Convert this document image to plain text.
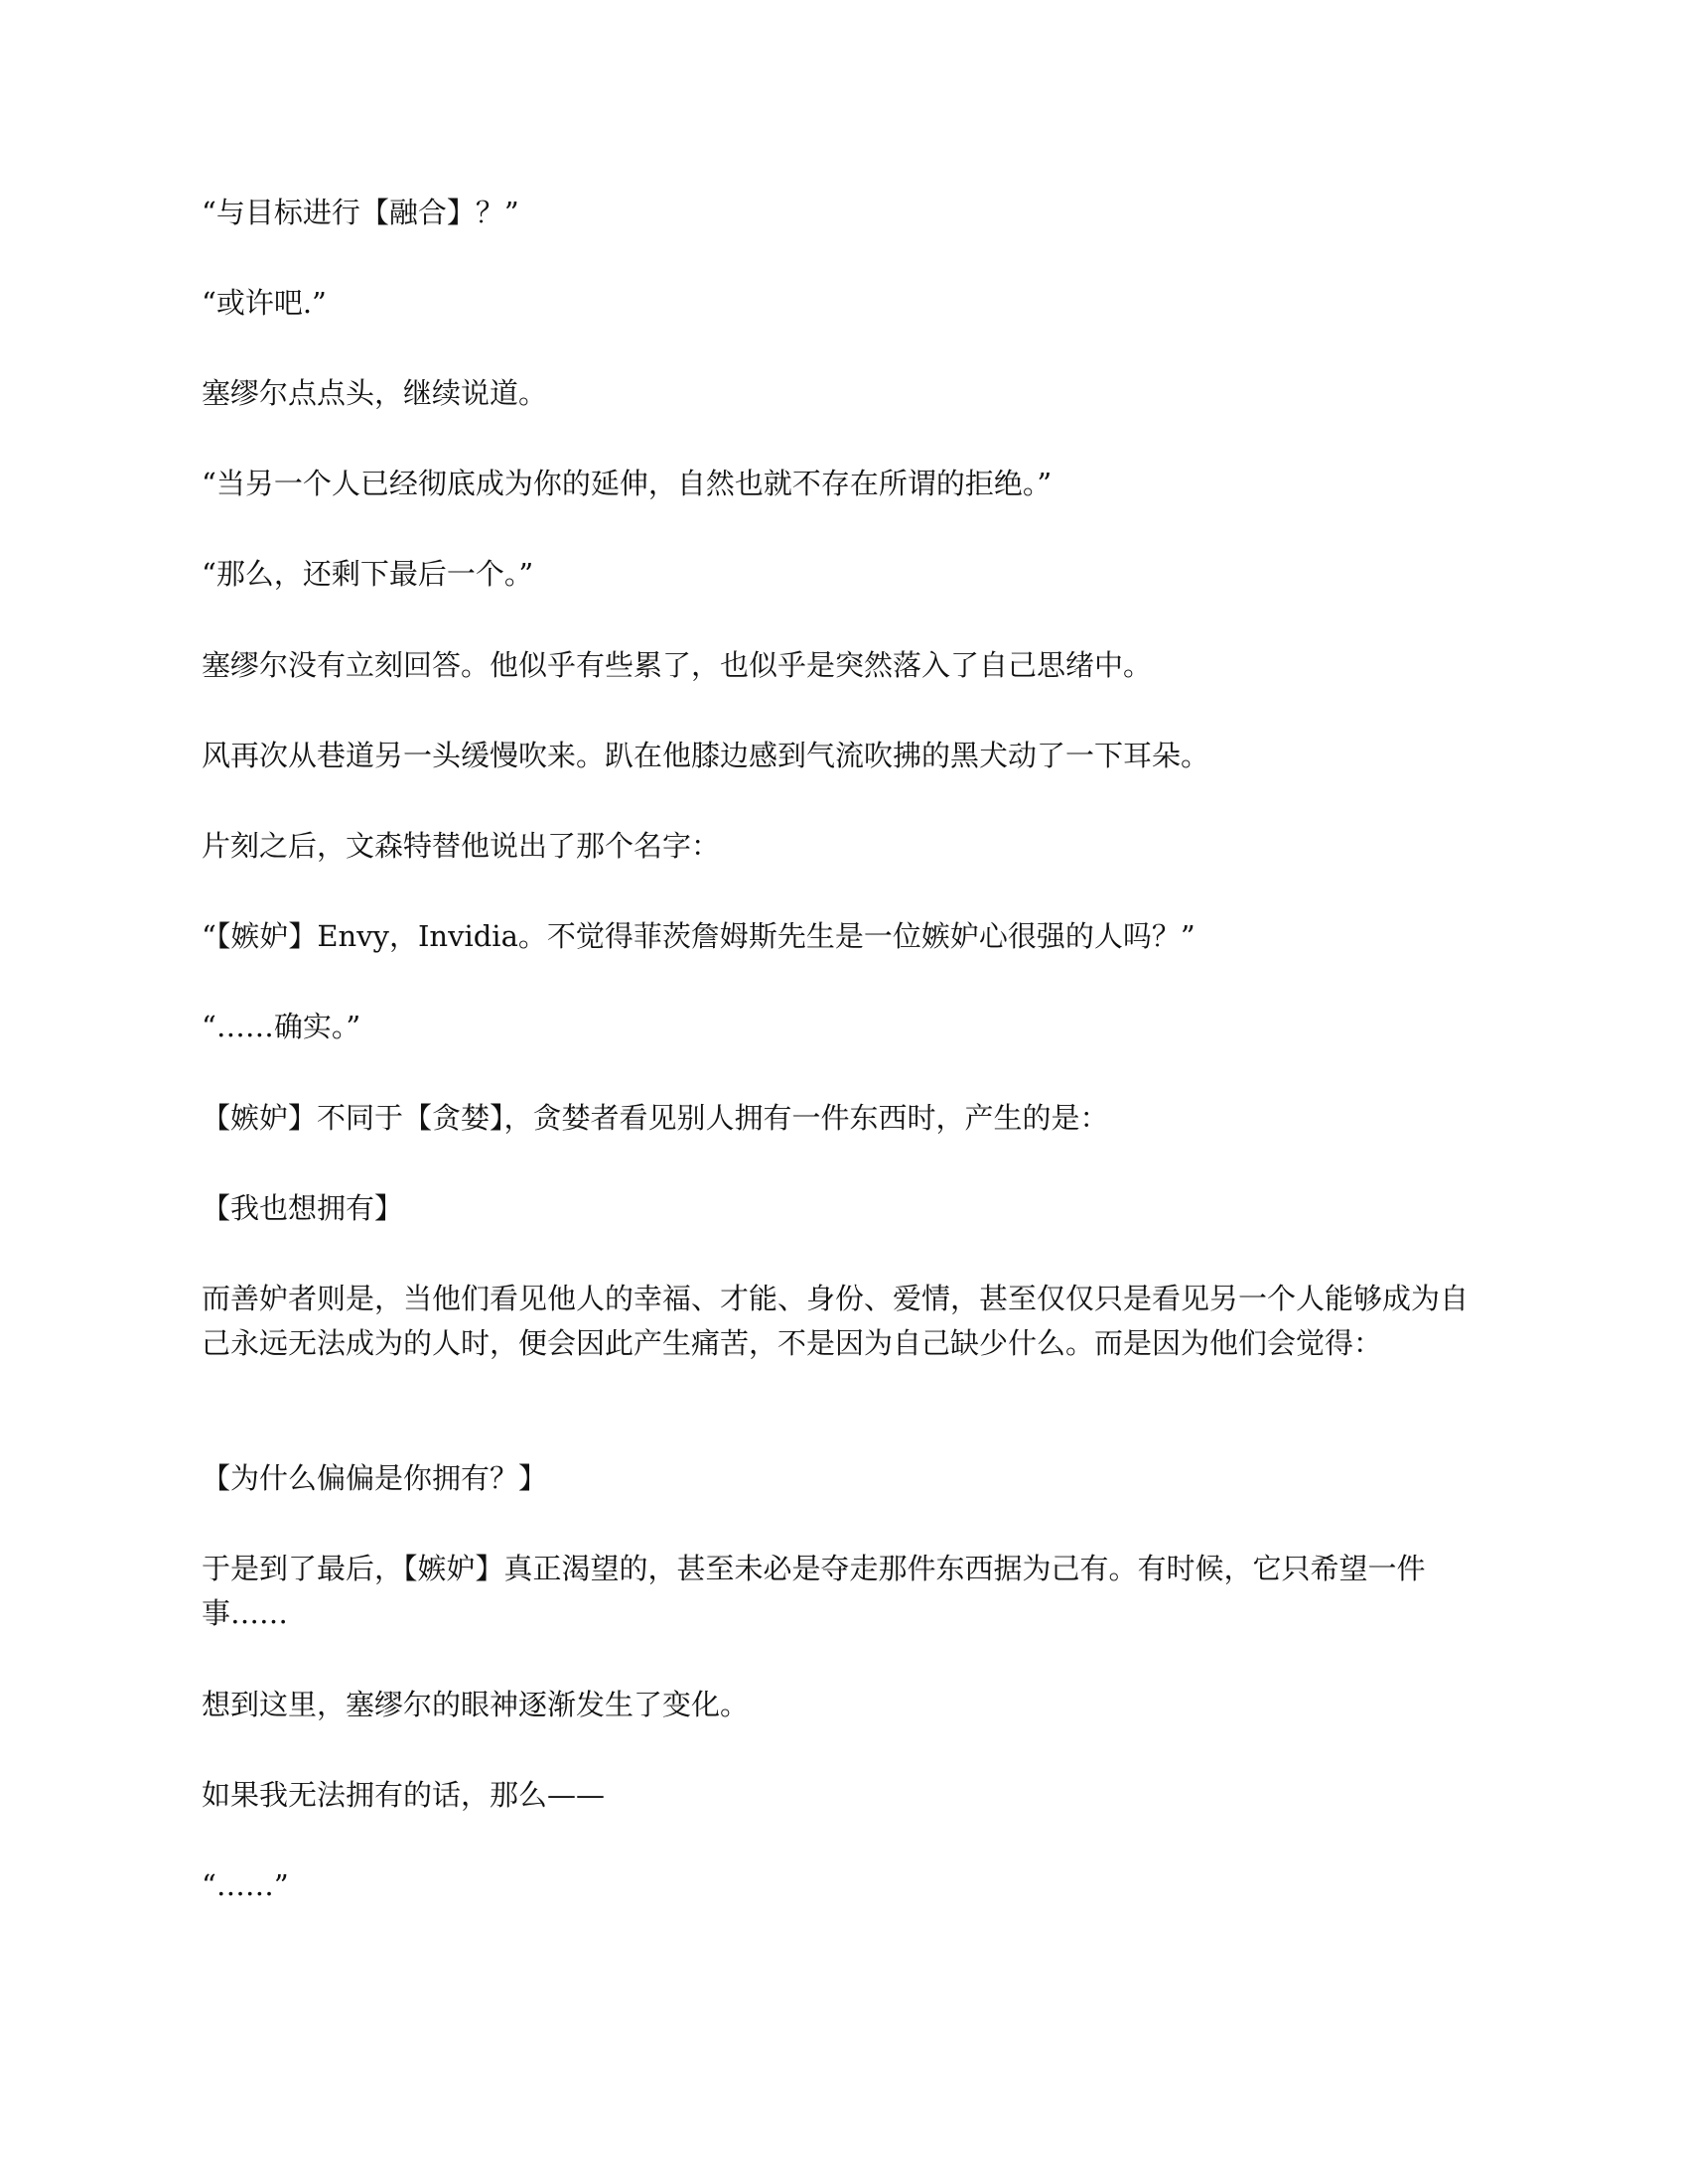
“与目标进行【融合】？”

“或许吧.”

塞缪尔点点头，继续说道。

“当另一个人已经彻底成为你的延伸，自然也就不存在所谓的拒绝。”

“那么，还剩下最后一个。”

塞缪尔没有立刻回答。他似乎有些累了，也似乎是突然落入了自己思绪中。

风再次从巷道另一头缓慢吹来。趴在他膝边感到气流吹拂的黑犬动了一下耳朵。

片刻之后，文森特替他说出了那个名字：

“【嫉妒】Envy，Invidia。不觉得菲茨詹姆斯先生是一位嫉妒心很强的人吗？”

“……确实。”

【嫉妒】不同于【贪婪】，贪婪者看见别人拥有一件东西时，产生的是：

【我也想拥有】

而善妒者则是，当他们看见他人的幸福、才能、身份、爱情，甚至仅仅只是看见另一个人能够成为自己永远无法成为的人时，便会因此产生痛苦，不是因为自己缺少什么。而是因为他们会觉得：

【为什么偏偏是你拥有？】

于是到了最后，【嫉妒】真正渴望的，甚至未必是夺走那件东西据为己有。有时候，它只希望一件事……

想到这里，塞缪尔的眼神逐渐发生了变化。

如果我无法拥有的话，那么——

“……”
